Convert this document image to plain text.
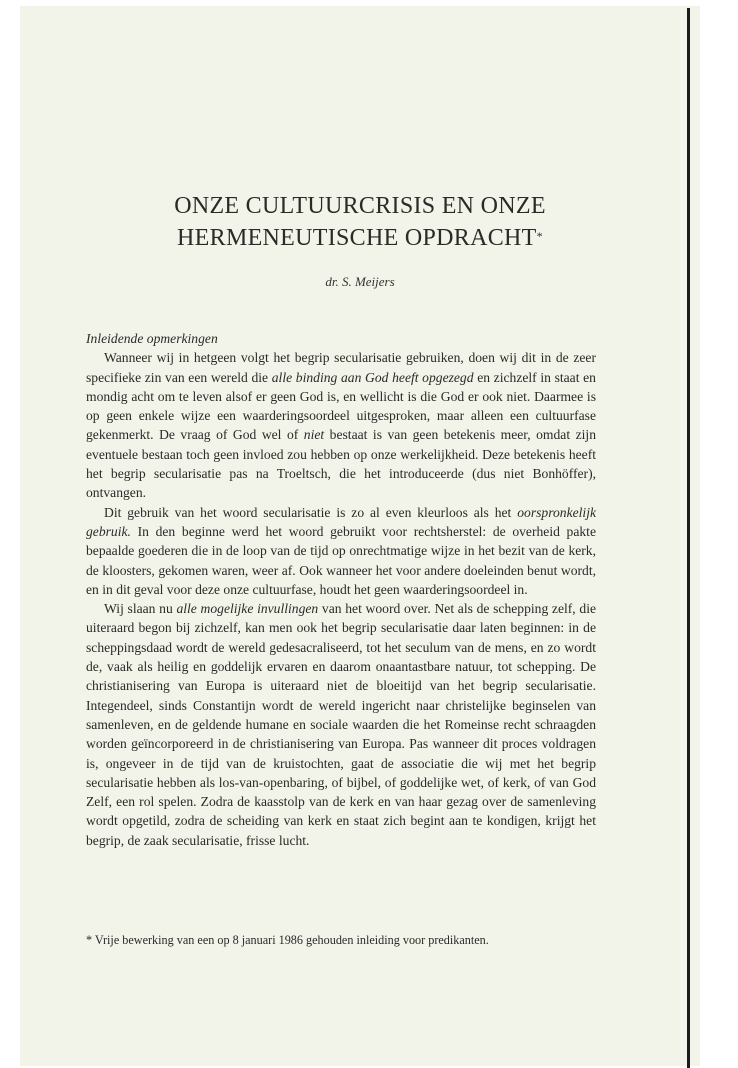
ONZE CULTUURCRISIS EN ONZE
HERMENEUTISCHE OPDRACHT*
dr. S. Meijers
Inleidende opmerkingen

Wanneer wij in hetgeen volgt het begrip secularisatie gebruiken, doen wij dit in de zeer specifieke zin van een wereld die alle binding aan God heeft opgezegd en zichzelf in staat en mondig acht om te leven alsof er geen God is, en wellicht is die God er ook niet. Daarmee is op geen enkele wijze een waarderingsoordeel uitgesproken, maar alleen een cultuurfase gekenmerkt. De vraag of God wel of niet bestaat is van geen betekenis meer, omdat zijn eventuele bestaan toch geen invloed zou hebben op onze werkelijkheid. Deze betekenis heeft het begrip secularisatie pas na Troeltsch, die het introduceerde (dus niet Bonhöffer), ontvangen.

Dit gebruik van het woord secularisatie is zo al even kleurloos als het oorspronkelijk gebruik. In den beginne werd het woord gebruikt voor rechtsherstel: de overheid pakte bepaalde goederen die in de loop van de tijd op onrechtmatige wijze in het bezit van de kerk, de kloosters, gekomen waren, weer af. Ook wanneer het voor andere doeleinden benut wordt, en in dit geval voor deze onze cultuurfase, houdt het geen waarderingsoordeel in.

Wij slaan nu alle mogelijke invullingen van het woord over. Net als de schepping zelf, die uiteraard begon bij zichzelf, kan men ook het begrip secularisatie daar laten beginnen: in de scheppingsdaad wordt de wereld gedesacraliseerd, tot het seculum van de mens, en zo wordt de, vaak als heilig en goddelijk ervaren en daarom onaantastbare natuur, tot schepping. De christianisering van Europa is uiteraard niet de bloeitijd van het begrip secularisatie. Integendeel, sinds Constantijn wordt de wereld ingericht naar christelijke beginselen van samenleven, en de geldende humane en sociale waarden die het Romeinse recht schraagden worden geïncorporeerd in de christianisering van Europa. Pas wanneer dit proces voldragen is, ongeveer in de tijd van de kruistochten, gaat de associatie die wij met het begrip secularisatie hebben als los-van-openbaring, of bijbel, of goddelijke wet, of kerk, of van God Zelf, een rol spelen. Zodra de kaasstolp van de kerk en van haar gezag over de samenleving wordt opgetild, zodra de scheiding van kerk en staat zich begint aan te kondigen, krijgt het begrip, de zaak secularisatie, frisse lucht.

* Vrije bewerking van een op 8 januari 1986 gehouden inleiding voor predikanten.
